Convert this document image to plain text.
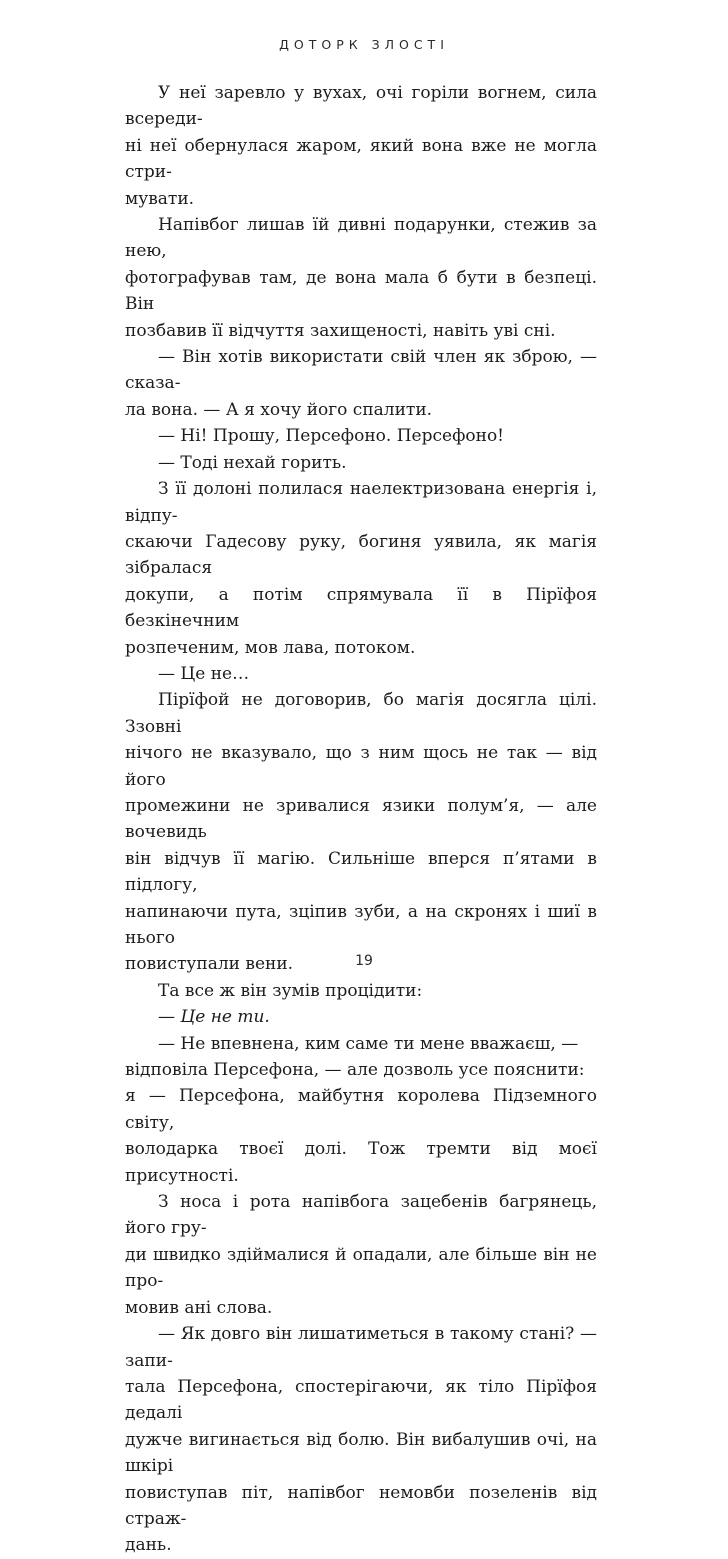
ДОТОРК ЗЛОСТІ

У неї заревло у вухах, очі горіли вогнем, сила всереди-
ні неї обернулася жаром, який вона вже не могла стри-
мувати.

Напівбог лишав їй дивні подарунки, стежив за нею,
фотографував там, де вона мала б бути в безпеці. Він
позбавив її відчуття захищеності, навіть уві сні.

— Він хотів використати свій член як зброю, — сказа-
ла вона. — А я хочу його спалити.

— Ні! Прошу, Персефоно. Персефоно!

— Тоді нехай горить.

З її долоні полилася наелектризована енергія і, відпу-
скаючи Гадесову руку, богиня уявила, як магія зібралася
докупи, а потім спрямувала її в Пірїфоя безкінечним
розпеченим, мов лава, потоком.

— Це не…

Пірїфой не договорив, бо магія досягла цілі. Ззовні
нічого не вказувало, що з ним щось не так — від його
промежини не зривалися язики полум’я, — але вочевидь
він відчув її магію. Сильніше вперся п’ятами в підлогу,
напинаючи пута, зціпив зуби, а на скронях і шиї в нього
повиступали вени.

Та все ж він зумів процідити:

— Це не ти.

— Не впевнена, ким саме ти мене вважаєш, —
відповіла Персефона, — але дозволь усе пояснити:
я — Персефона, майбутня королева Підземного світу,
володарка твоєї долі. Тож тремти від моєї присутності.

З носа і рота напівбога зацебенів багрянець, його гру-
ди швидко здіймалися й опадали, але більше він не про-
мовив ані слова.

— Як довго він лишатиметься в такому стані? — запи-
тала Персефона, спостерігаючи, як тіло Пірїфоя дедалі
дужче вигинається від болю. Він вибалушив очі, на шкірі
повиступав піт, напівбог немовби позеленів від страж-
дань.

19
